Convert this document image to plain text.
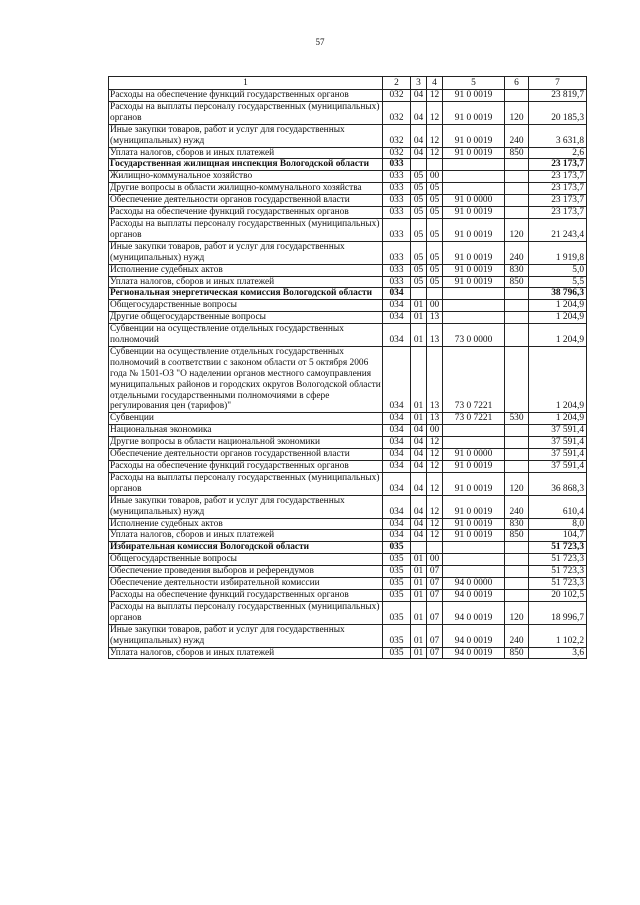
57
1	2	3	4	5	6	7
Расходы на обеспечение функций государственных органов	032	04	12	91 0 0019		23 819,7
Расходы на выплаты персоналу государственных (муниципальных) органов	032	04	12	91 0 0019	120	20 185,3
Иные закупки товаров, работ и услуг для государственных (муниципальных) нужд	032	04	12	91 0 0019	240	3 631,8
Уплата налогов, сборов и иных платежей	032	04	12	91 0 0019	850	2,6
Государственная жилищная инспекция Вологодской области	033					23 173,7
Жилищно-коммунальное хозяйство	033	05	00			23 173,7
Другие вопросы в области жилищно-коммунального хозяйства	033	05	05			23 173,7
Обеспечение деятельности органов государственной власти	033	05	05	91 0 0000		23 173,7
Расходы на обеспечение функций государственных органов	033	05	05	91 0 0019		23 173,7
Расходы на выплаты персоналу государственных (муниципальных) органов	033	05	05	91 0 0019	120	21 243,4
Иные закупки товаров, работ и услуг для государственных (муниципальных) нужд	033	05	05	91 0 0019	240	1 919,8
Исполнение судебных актов	033	05	05	91 0 0019	830	5,0
Уплата налогов, сборов и иных платежей	033	05	05	91 0 0019	850	5,5
Региональная энергетическая комиссия Вологодской области	034					38 796,3
Общегосударственные вопросы	034	01	00			1 204,9
Другие общегосударственные вопросы	034	01	13			1 204,9
Субвенции на осуществление отдельных государственных полномочий	034	01	13	73 0 0000		1 204,9
Субвенции на осуществление отдельных государственных полномочий в соответствии с законом области от 5 октября 2006 года № 1501-ОЗ "О наделении органов местного самоуправления муниципальных районов и городских округов Вологодской области отдельными государственными полномочиями в сфере регулирования цен (тарифов)"	034	01	13	73 0 7221		1 204,9
Субвенции	034	01	13	73 0 7221	530	1 204,9
Национальная экономика	034	04	00			37 591,4
Другие вопросы в области национальной экономики	034	04	12			37 591,4
Обеспечение деятельности органов государственной власти	034	04	12	91 0 0000		37 591,4
Расходы на обеспечение функций государственных органов	034	04	12	91 0 0019		37 591,4
Расходы на выплаты персоналу государственных (муниципальных) органов	034	04	12	91 0 0019	120	36 868,3
Иные закупки товаров, работ и услуг для государственных (муниципальных) нужд	034	04	12	91 0 0019	240	610,4
Исполнение судебных актов	034	04	12	91 0 0019	830	8,0
Уплата налогов, сборов и иных платежей	034	04	12	91 0 0019	850	104,7
Избирательная комиссия Вологодской области	035					51 723,3
Общегосударственные вопросы	035	01	00			51 723,3
Обеспечение проведения выборов и референдумов	035	01	07			51 723,3
Обеспечение деятельности избирательной комиссии	035	01	07	94 0 0000		51 723,3
Расходы на обеспечение функций государственных органов	035	01	07	94 0 0019		20 102,5
Расходы на выплаты персоналу государственных (муниципальных) органов	035	01	07	94 0 0019	120	18 996,7
Иные закупки товаров, работ и услуг для государственных (муниципальных) нужд	035	01	07	94 0 0019	240	1 102,2
Уплата налогов, сборов и иных платежей	035	01	07	94 0 0019	850	3,6
